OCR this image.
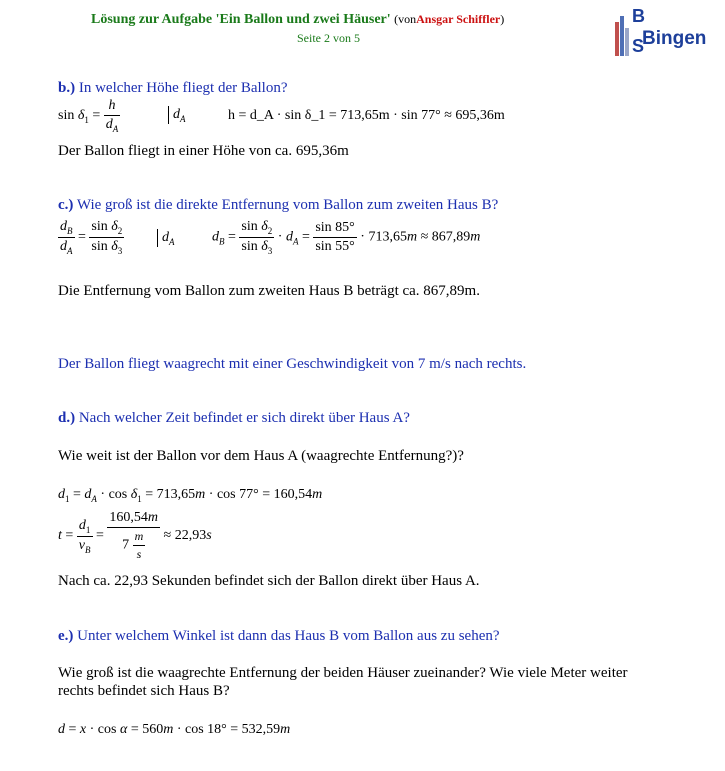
Lösung zur Aufgabe 'Ein Ballon und zwei Häuser' (vonAnsgar Schiffler)
Seite 2 von 5
B
S
Bingen
b.) In welcher Höhe fliegt der Ballon?
$\sin \delta_1 = \frac{h}{d_A}$	$d_A$	h = d_A · sin δ_1 = 713,65m · sin 77° ≈ 695,36m
Der Ballon fliegt in einer Höhe von ca. 695,36m
c.) Wie groß ist die direkte Entfernung vom Ballon zum zweiten Haus B?
$\frac{d_B}{d_A} = \frac{\sin \delta_2}{\sin \delta_3}$	$d_A$	$d_B = \frac{\sin \delta_2}{\sin \delta_3} \cdot d_A = \frac{\sin 85^\circ}{\sin 55^\circ} \cdot 713,65m \approx 867,89m$
Die Entfernung vom Ballon zum zweiten Haus B beträgt ca. 867,89m.
Der Ballon fliegt waagrecht mit einer Geschwindigkeit von 7 m/s nach rechts.
d.) Nach welcher Zeit befindet er sich direkt über Haus A?
Wie weit ist der Ballon vor dem Haus A (waagrechte Entfernung?)?
$d_1 = d_A \cdot \cos \delta_1 = 713,65m \cdot \cos 77^\circ = 160,54m$
$t = \frac{d_1}{v_B} = \frac{160,54m}{7 \frac{m}{s}} \approx 22,93s$
Nach ca. 22,93 Sekunden befindet sich der Ballon direkt über Haus A.
e.) Unter welchem Winkel ist dann das Haus B vom Ballon aus zu sehen?
Wie groß ist die waagrechte Entfernung der beiden Häuser zueinander? Wie viele Meter weiter
rechts befindet sich Haus B?
d = x · cos α = 560m · cos 18° = 532,59m
